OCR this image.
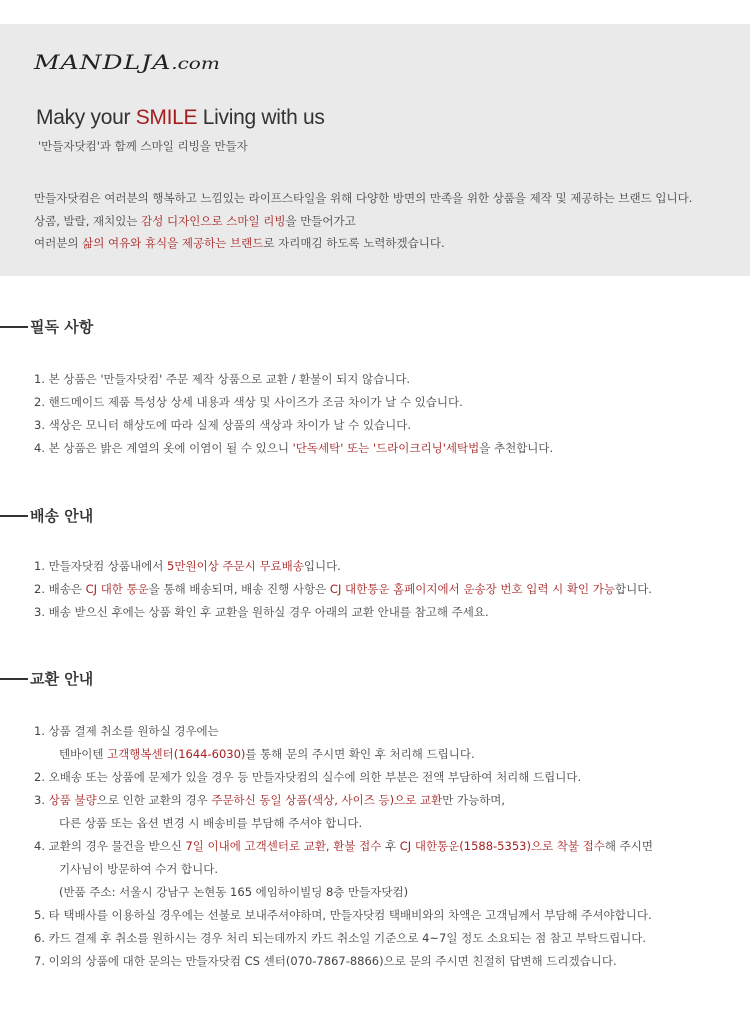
MANDLJA.com
Maky your SMILE Living with us
'만들자닷컴'과 함께 스마일 리빙을 만들자

만들자닷컴은 여러분의 행복하고 느낌있는 라이프스타일을 위해 다양한 방면의 만족을 위한 상품을 제작 및 제공하는 브랜드 입니다.

상콤, 발랄, 재치있는 감성 디자인으로 스마일 리빙을 만들어가고

여러분의 삶의 여유와 휴식을 제공하는 브랜드로 자리매김 하도록 노력하겠습니다.

필독 사항
1. 본 상품은 '만들자닷컴' 주문 제작 상품으로 교환 / 환불이 되지 않습니다.
2. 핸드메이드 제품 특성상 상세 내용과 색상 및 사이즈가 조금 차이가 날 수 있습니다.
3. 색상은 모니터 해상도에 따라 실제 상품의 색상과 차이가 날 수 있습니다.
4. 본 상품은 밝은 계열의 옷에 이염이 될 수 있으니 '단독세탁' 또는 '드라이크리닝'세탁법을 추천합니다.
배송 안내
1. 만들자닷컴 상품내에서 5만원이상 주문시 무료배송입니다.
2. 배송은 CJ 대한 통운을 통해 배송되며, 배송 진행 사항은 CJ 대한통운 홈페이지에서 운송장 번호 입력 시 확인 가능합니다.
3. 배송 받으신 후에는 상품 확인 후 교환을 원하실 경우 아래의 교환 안내를 참고해 주세요.
교환 안내
1. 상품 결제 취소를 원하실 경우에는
텐바이텐 고객행복센터(1644-6030)를 통해 문의 주시면 확인 후 처리해 드립니다.
2. 오배송 또는 상품에 문제가 있을 경우 등 만들자닷컴의 실수에 의한 부분은 전액 부담하여 처리해 드립니다.
3. 상품 불량으로 인한 교환의 경우 주문하신 동일 상품(색상, 사이즈 등)으로 교환만 가능하며,
다른 상품 또는 옵션 변경 시 배송비를 부담해 주셔야 합니다.
4. 교환의 경우 물건을 받으신 7일 이내에 고객센터로 교환, 환불 접수 후 CJ 대한통운(1588-5353)으로 착불 접수해 주시면
기사님이 방문하여 수거 합니다.
(반품 주소: 서울시 강남구 논현동 165 에임하이빌딩 8층 만들자닷컴)
5. 타 택배사를 이용하실 경우에는 선불로 보내주셔야하며, 만들자닷컴 택배비와의 차액은 고객님께서 부담해 주셔야합니다.
6. 카드 결제 후 취소를 원하시는 경우 처리 되는데까지 카드 취소일 기준으로 4~7일 정도 소요되는 점 참고 부탁드립니다.
7. 이외의 상품에 대한 문의는 만들자닷컴 CS 센터(070-7867-8866)으로 문의 주시면 친절히 답변해 드리겠습니다.
